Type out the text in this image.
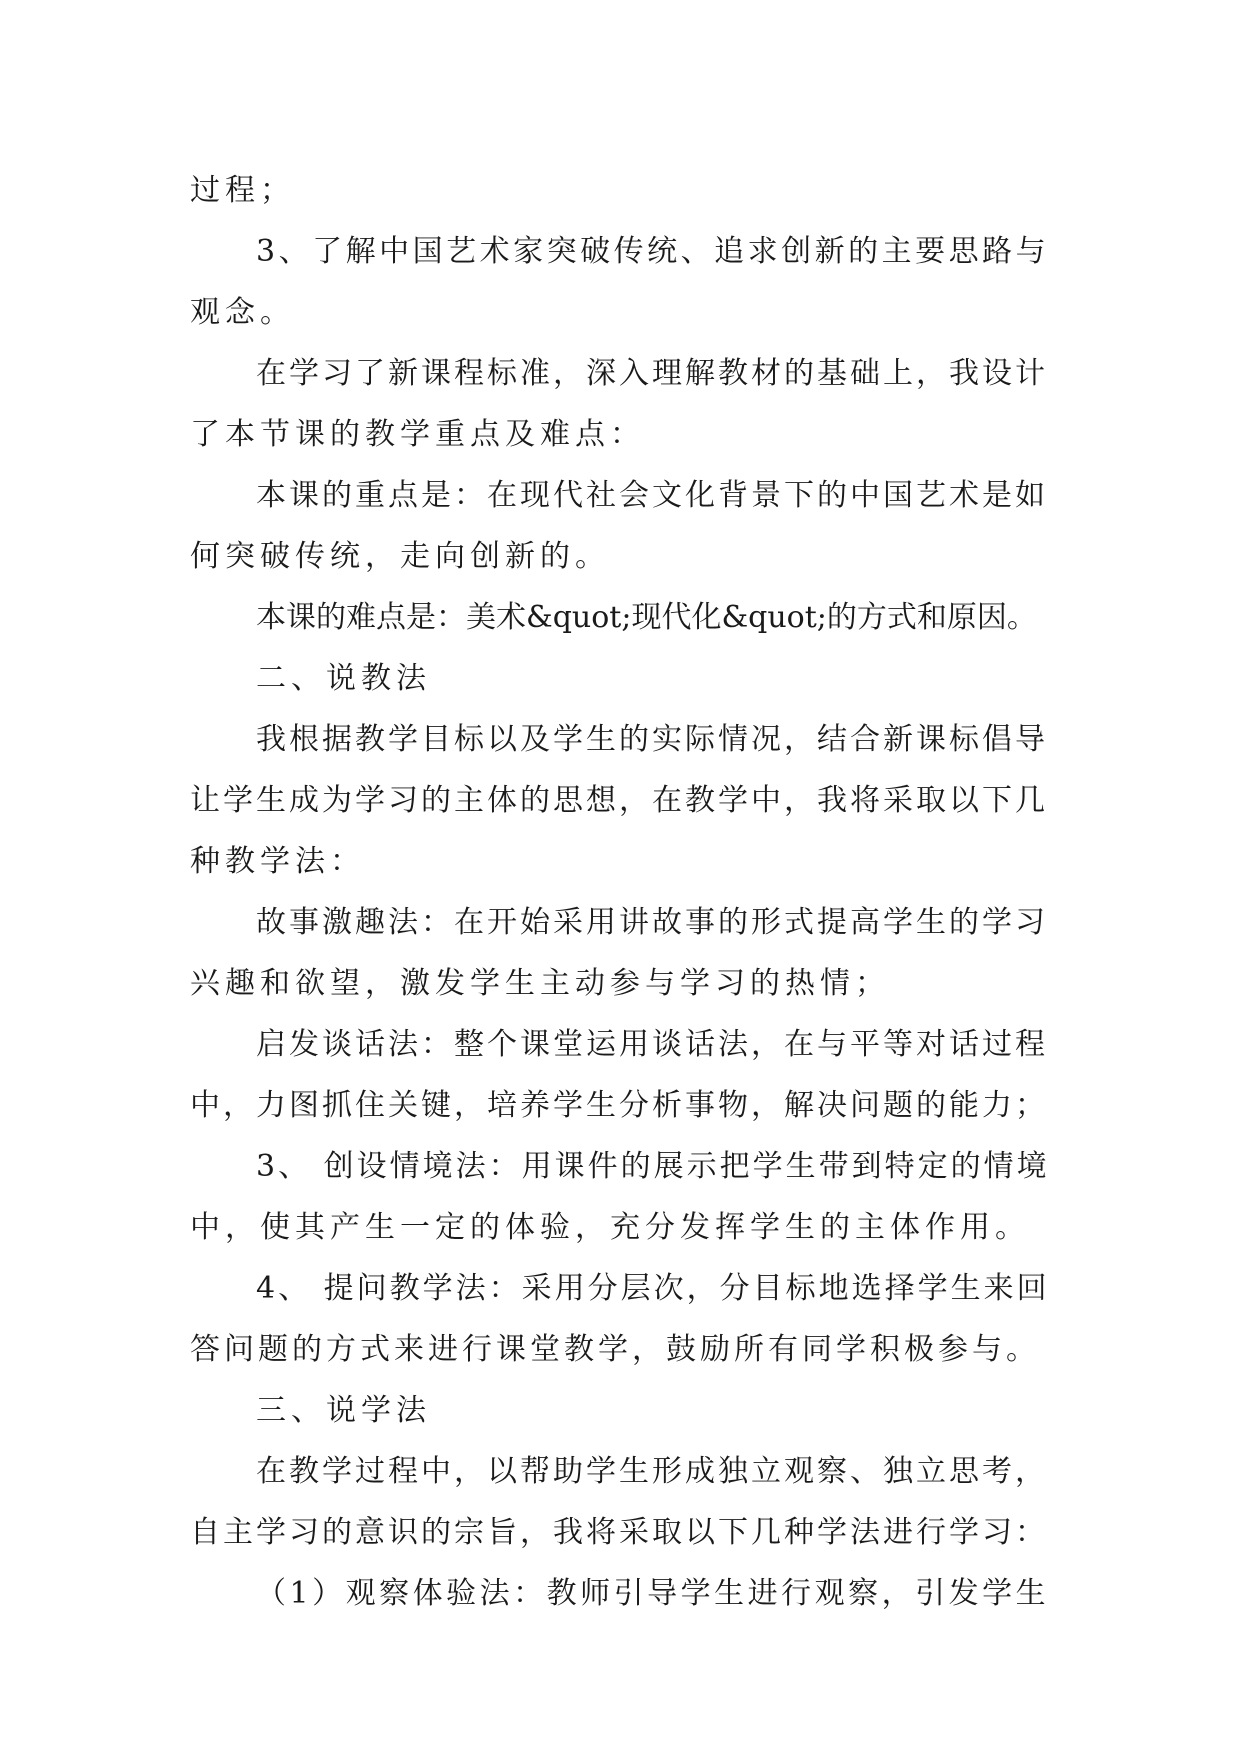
过程；
3、了解中国艺术家突破传统、追求创新的主要思路与
观念。
在学习了新课程标准，深入理解教材的基础上，我设计
了本节课的教学重点及难点：
本课的重点是：在现代社会文化背景下的中国艺术是如
何突破传统，走向创新的。
本课的难点是：美术&quot;现代化&quot;的方式和原因。
二、说教法
我根据教学目标以及学生的实际情况，结合新课标倡导
让学生成为学习的主体的思想，在教学中，我将采取以下几
种教学法：
故事激趣法：在开始采用讲故事的形式提高学生的学习
兴趣和欲望，激发学生主动参与学习的热情；
启发谈话法：整个课堂运用谈话法，在与平等对话过程
中，力图抓住关键，培养学生分析事物，解决问题的能力；
3、 创设情境法：用课件的展示把学生带到特定的情境
中，使其产生一定的体验，充分发挥学生的主体作用。
4、 提问教学法：采用分层次，分目标地选择学生来回
答问题的方式来进行课堂教学，鼓励所有同学积极参与。
三、说学法
在教学过程中，以帮助学生形成独立观察、独立思考，
自主学习的意识的宗旨，我将采取以下几种学法进行学习：
（1）观察体验法：教师引导学生进行观察，引发学生
